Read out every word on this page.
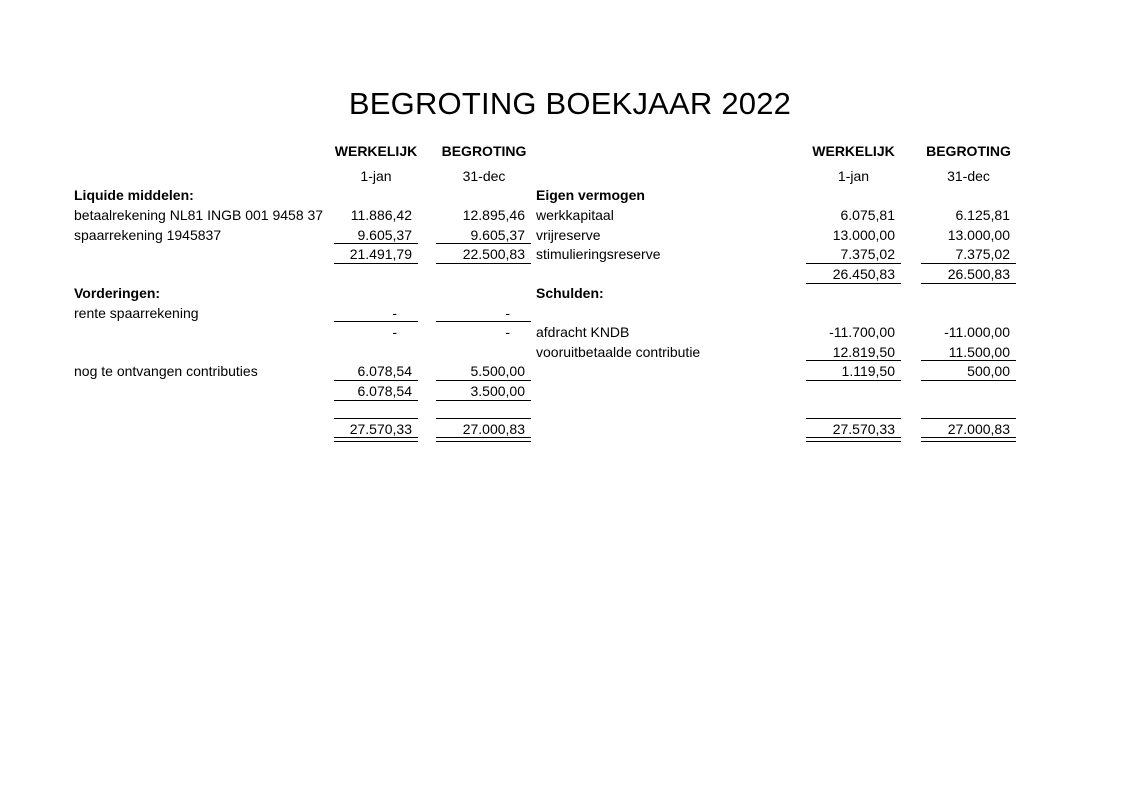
BEGROTING BOEKJAAR 2022
WERKELIJK	BEGROTING
1-jan	31-dec
WERKELIJK	BEGROTING
1-jan	31-dec
Liquide middelen:
betaalrekening NL81 INGB 001 9458 37	11.886,42	12.895,46
spaarrekening 1945837	9.605,37	9.605,37
21.491,79	22.500,83
Vorderingen:
rente spaarrekening	-	-
-	-
nog te ontvangen contributies	6.078,54	5.500,00
6.078,54	3.500,00
27.570,33	27.000,83
Eigen vermogen
werkkapitaal	6.075,81	6.125,81
vrijreserve	13.000,00	13.000,00
stimulieringsreserve	7.375,02	7.375,02
26.450,83	26.500,83
Schulden:
afdracht KNDB	-11.700,00	-11.000,00
vooruitbetaalde contributie	12.819,50	11.500,00
1.119,50	500,00
27.570,33	27.000,83
